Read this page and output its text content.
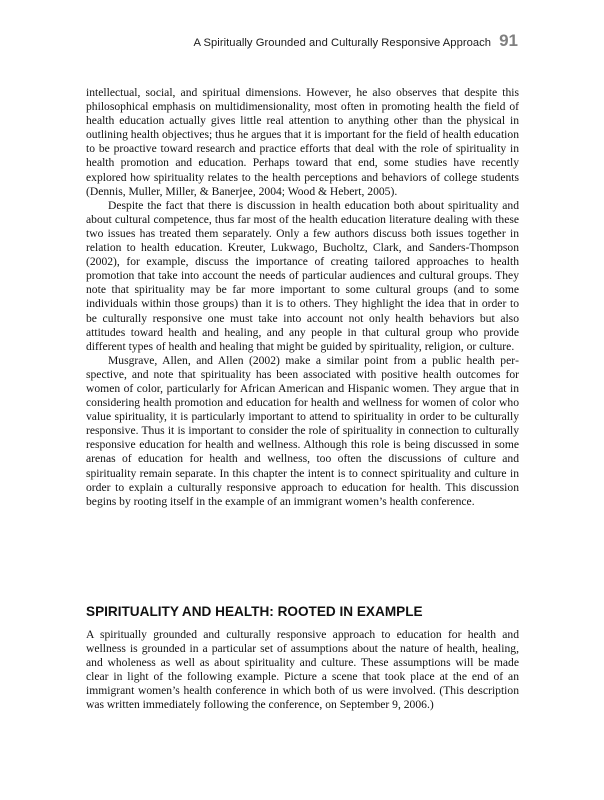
A Spiritually Grounded and Culturally Responsive Approach 91

intellectual, social, and spiritual dimensions. However, he also observes that despite this philosophical emphasis on multidimensionality, most often in promoting health the field of health education actually gives little real attention to anything other than the physical in outlining health objectives; thus he argues that it is important for the field of health education to be proactive toward research and practice efforts that deal with the role of spirituality in health promotion and education. Perhaps toward that end, some studies have recently explored how spirituality relates to the health perceptions and behaviors of college students (Dennis, Muller, Miller, & Banerjee, 2004; Wood & Hebert, 2005).

Despite the fact that there is discussion in health education both about spirituality and about cultural competence, thus far most of the health education literature dealing with these two issues has treated them separately. Only a few authors discuss both issues together in relation to health education. Kreuter, Lukwago, Bucholtz, Clark, and Sanders-Thompson (2002), for example, discuss the importance of creating tailored approaches to health promotion that take into account the needs of particular audiences and cultural groups. They note that spirituality may be far more important to some cultural groups (and to some individuals within those groups) than it is to others. They highlight the idea that in order to be culturally responsive one must take into account not only health behaviors but also attitudes toward health and healing, and any people in that cultural group who provide different types of health and healing that might be guided by spirituality, religion, or culture.

Musgrave, Allen, and Allen (2002) make a similar point from a public health perspective, and note that spirituality has been associated with positive health outcomes for women of color, particularly for African American and Hispanic women. They argue that in considering health promotion and education for health and wellness for women of color who value spirituality, it is particularly important to attend to spirituality in order to be culturally responsive. Thus it is important to consider the role of spirituality in connection to culturally responsive education for health and wellness. Although this role is being discussed in some arenas of education for health and wellness, too often the discussions of culture and spirituality remain separate. In this chapter the intent is to connect spirituality and culture in order to explain a culturally responsive approach to education for health. This discussion begins by rooting itself in the example of an immigrant women’s health conference.

SPIRITUALITY AND HEALTH: ROOTED IN EXAMPLE

A spiritually grounded and culturally responsive approach to education for health and wellness is grounded in a particular set of assumptions about the nature of health, healing, and wholeness as well as about spirituality and culture. These assumptions will be made clear in light of the following example. Picture a scene that took place at the end of an immigrant women’s health conference in which both of us were involved. (This description was written immediately following the conference, on September 9, 2006.)
